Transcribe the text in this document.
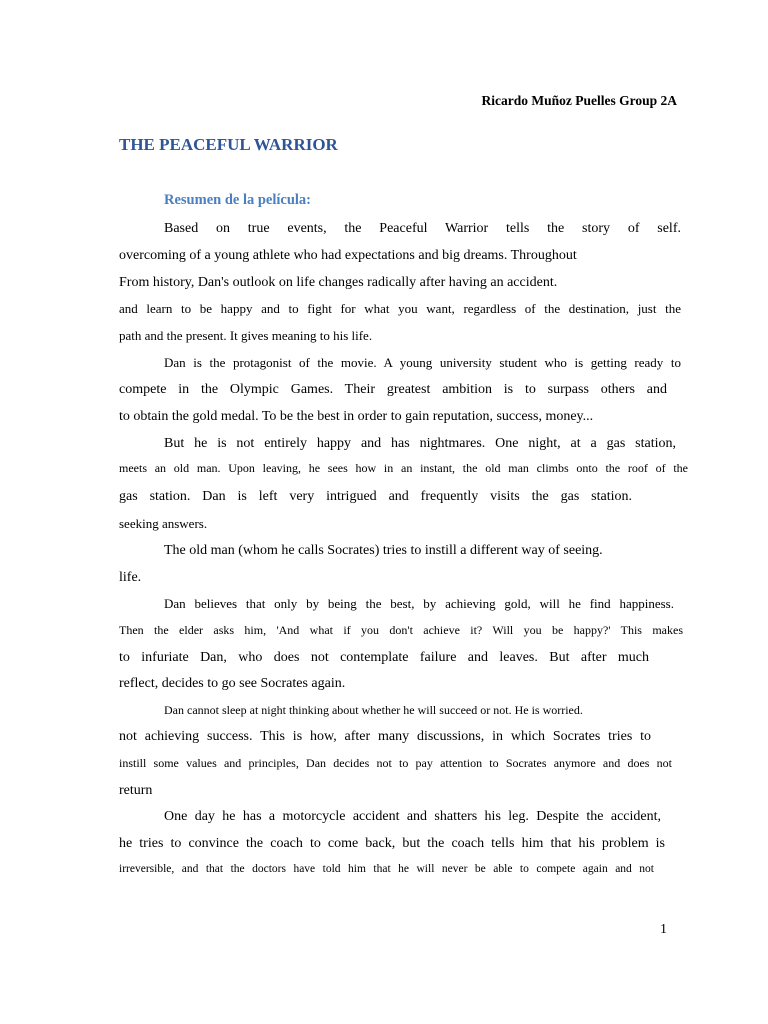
Ricardo Muñoz Puelles Group 2A
THE PEACEFUL WARRIOR
Resumen de la película:
Based on true events, the Peaceful Warrior tells the story of self.
overcoming of a young athlete who had expectations and big dreams. Throughout
From history, Dan's outlook on life changes radically after having an accident.
and learn to be happy and to fight for what you want, regardless of the destination, just the
path and the present. It gives meaning to his life.
Dan is the protagonist of the movie. A young university student who is getting ready to
compete in the Olympic Games. Their greatest ambition is to surpass others and
to obtain the gold medal. To be the best in order to gain reputation, success, money...
But he is not entirely happy and has nightmares. One night, at a gas station,
meets an old man. Upon leaving, he sees how in an instant, the old man climbs onto the roof of the
gas station. Dan is left very intrigued and frequently visits the gas station.
seeking answers.
The old man (whom he calls Socrates) tries to instill a different way of seeing.
life.
Dan believes that only by being the best, by achieving gold, will he find happiness.
Then the elder asks him, 'And what if you don't achieve it? Will you be happy?' This makes
to infuriate Dan, who does not contemplate failure and leaves. But after much
reflect, decides to go see Socrates again.
Dan cannot sleep at night thinking about whether he will succeed or not. He is worried.
not achieving success. This is how, after many discussions, in which Socrates tries to
instill some values and principles, Dan decides not to pay attention to Socrates anymore and does not
return
One day he has a motorcycle accident and shatters his leg. Despite the accident,
he tries to convince the coach to come back, but the coach tells him that his problem is
irreversible, and that the doctors have told him that he will never be able to compete again and not
1
